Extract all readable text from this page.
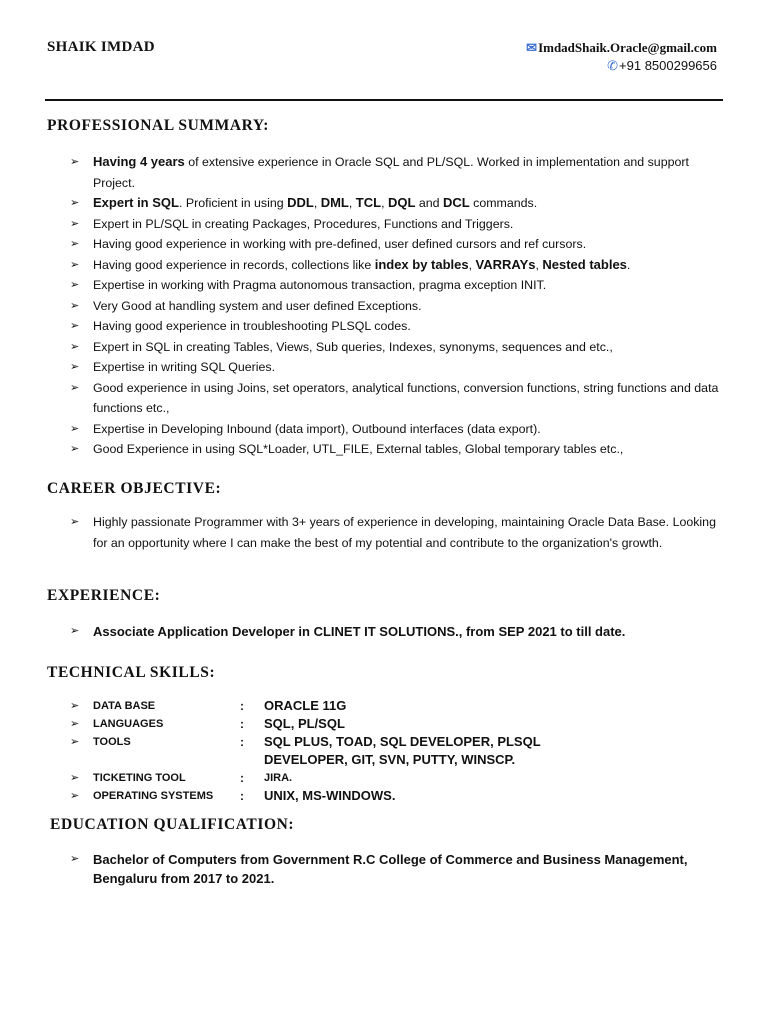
SHAIK IMDAD	✉ImdadShaik.Oracle@gmail.com
✆+91 8500299656
PROFESSIONAL SUMMARY:
➢ Having 4 years of extensive experience in Oracle SQL and PL/SQL. Worked in implementation and support Project.
➢ Expert in SQL. Proficient in using DDL, DML, TCL, DQL and DCL commands.
➢ Expert in PL/SQL in creating Packages, Procedures, Functions and Triggers.
➢ Having good experience in working with pre-defined, user defined cursors and ref cursors.
➢ Having good experience in records, collections like index by tables, VARRAYs, Nested tables.
➢ Expertise in working with Pragma autonomous transaction, pragma exception INIT.
➢ Very Good at handling system and user defined Exceptions.
➢ Having good experience in troubleshooting PLSQL codes.
➢ Expert in SQL in creating Tables, Views, Sub queries, Indexes, synonyms, sequences and etc.,
➢ Expertise in writing SQL Queries.
➢ Good experience in using Joins, set operators, analytical functions, conversion functions, string functions and data functions etc.,
➢ Expertise in Developing Inbound (data import), Outbound interfaces (data export).
➢ Good Experience in using SQL*Loader, UTL_FILE, External tables, Global temporary tables etc.,
CAREER OBJECTIVE:
➢ Highly passionate Programmer with 3+ years of experience in developing, maintaining Oracle Data Base. Looking for an opportunity where I can make the best of my potential and contribute to the organization's growth.
EXPERIENCE:
➢	Associate Application Developer in CLINET IT SOLUTIONS., from SEP 2021 to till date.
TECHNICAL SKILLS:
➢ DATA BASE	: ORACLE 11G
➢ LANGUAGES	: SQL, PL/SQL
➢ TOOLS	: SQL PLUS, TOAD, SQL DEVELOPER, PLSQL DEVELOPER, GIT, SVN, PUTTY, WINSCP.
➢ TICKETING TOOL	: JIRA.
➢ OPERATING SYSTEMS : UNIX, MS-WINDOWS.
EDUCATION QUALIFICATION:
➢	Bachelor of Computers from Government R.C College of Commerce and Business Management, Bengaluru from 2017 to 2021.
